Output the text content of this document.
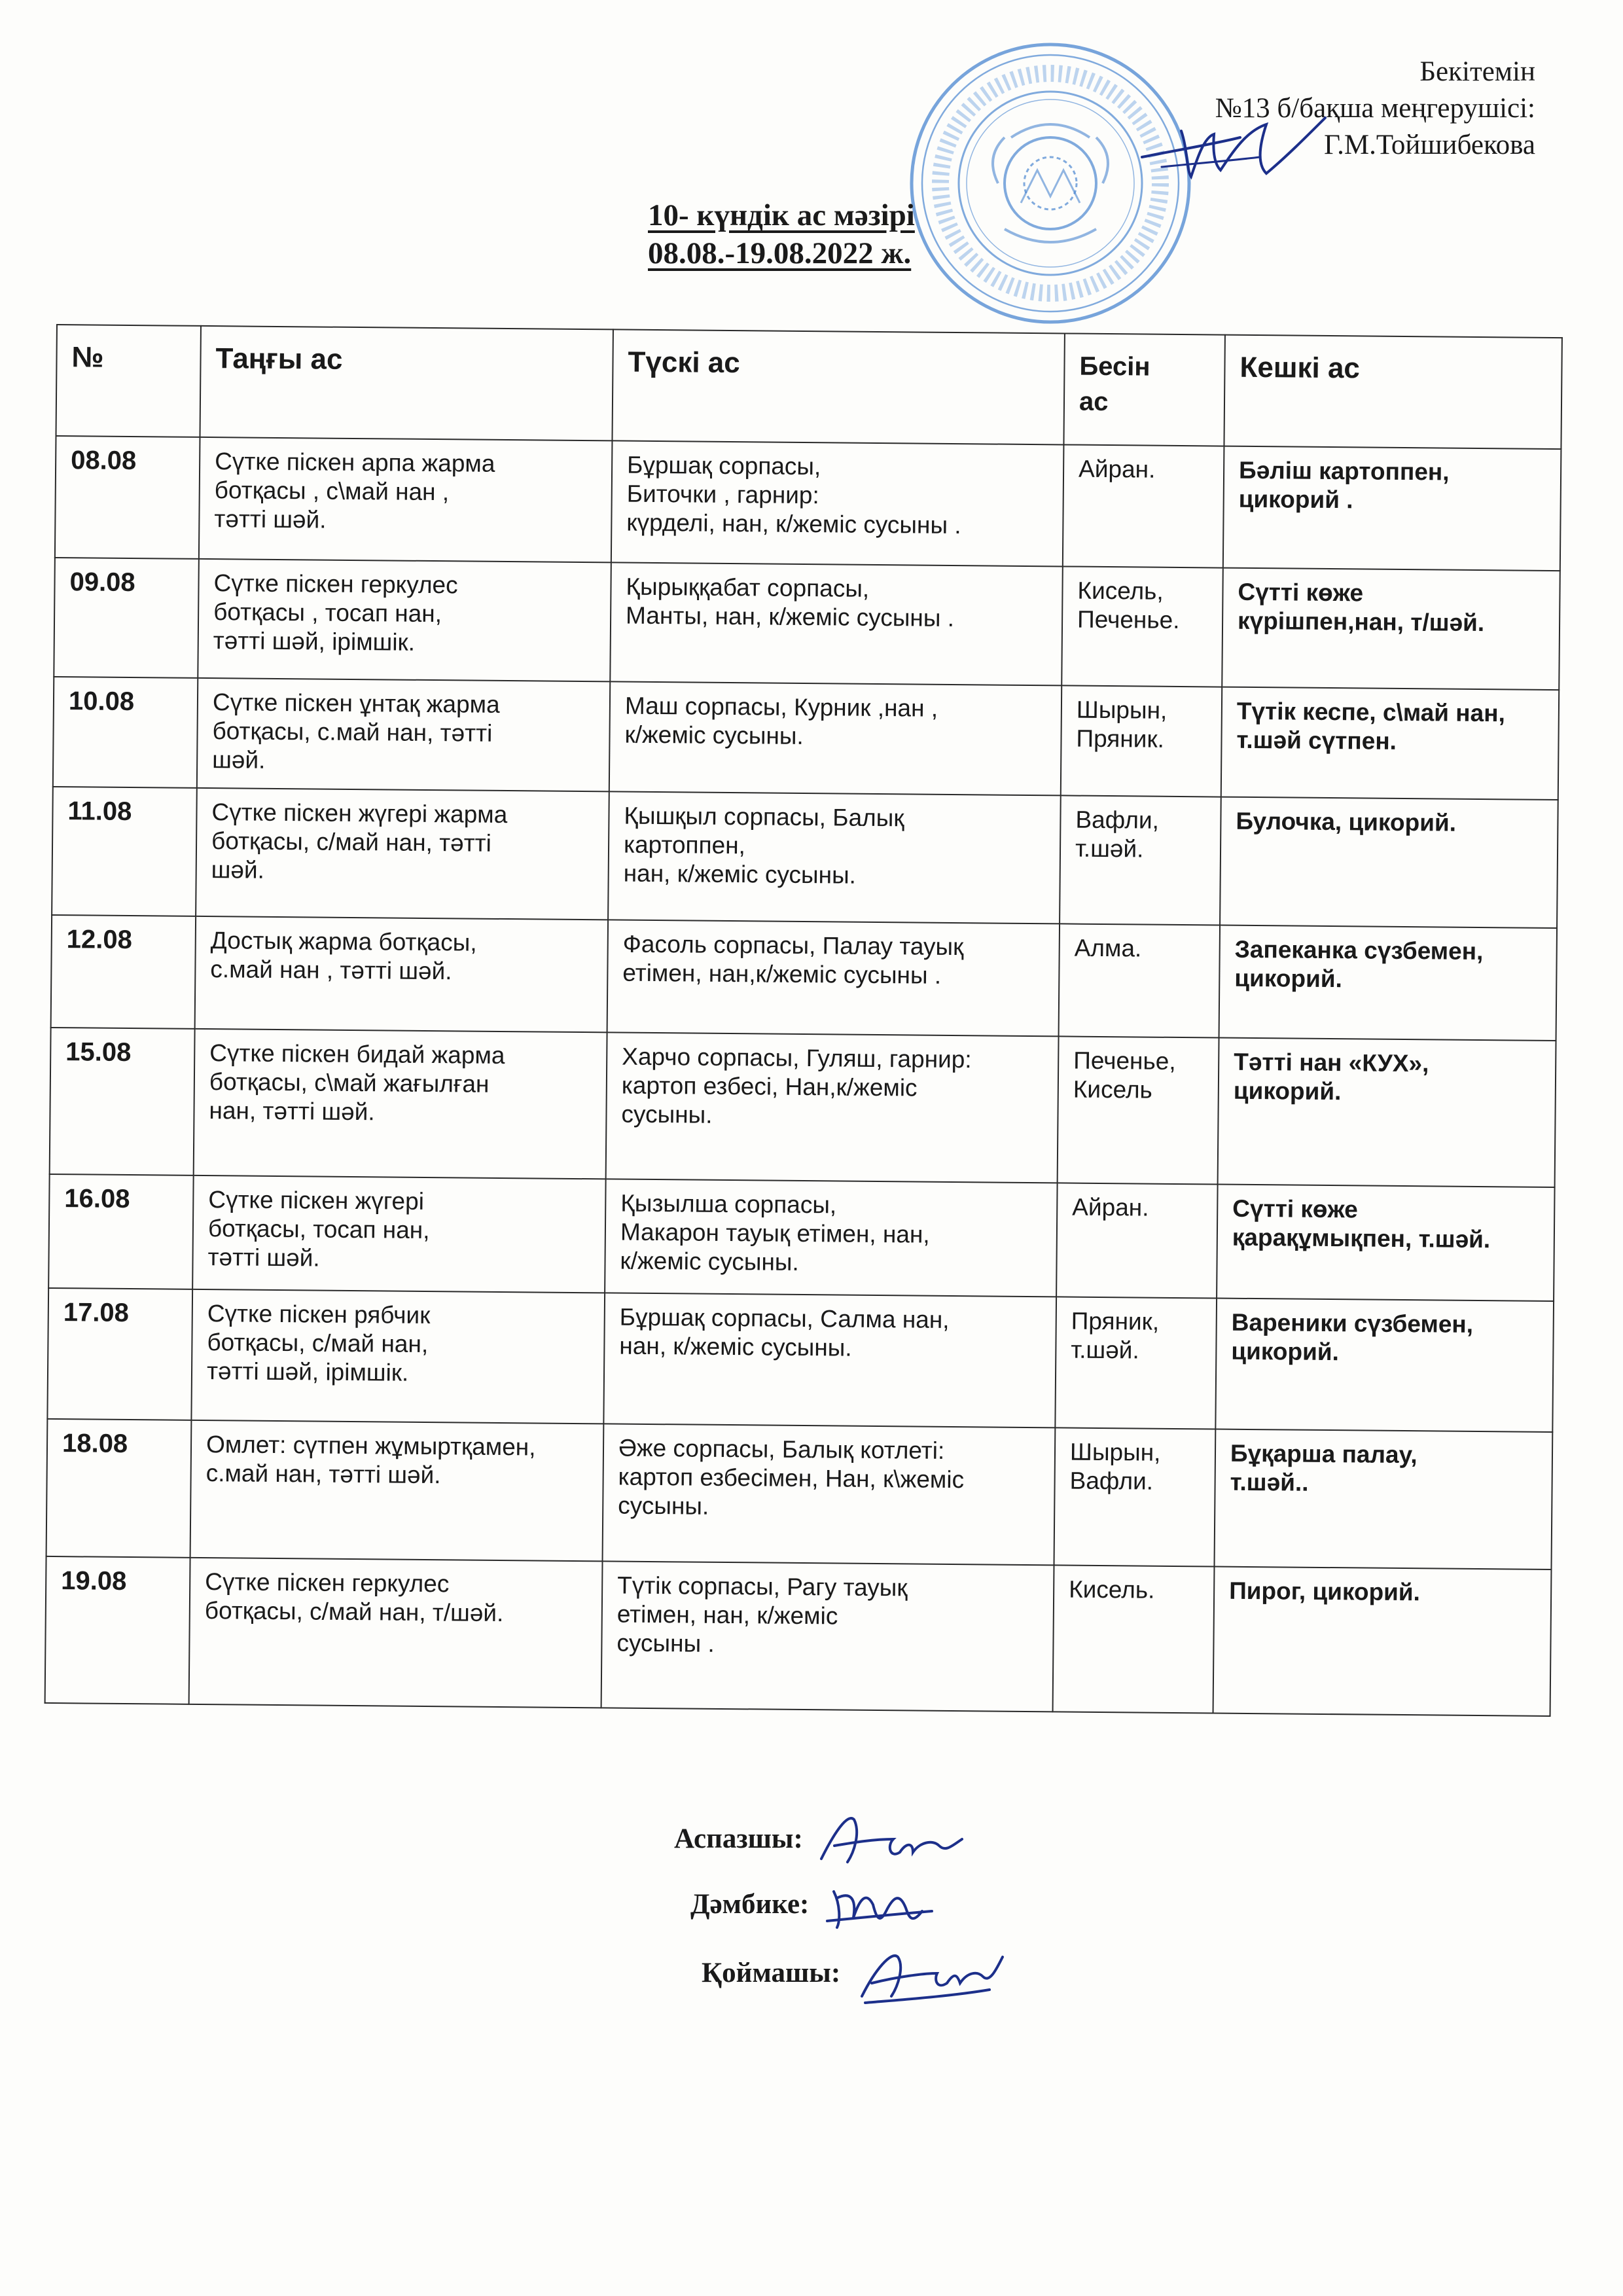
Бекітемін
№13 б/бақша меңгерушісі:
Г.М.Тойшибекова
10- күндік ас мәзірі
08.08.-19.08.2022 ж.
№	Таңғы ас	Түскі ас	Бесін
ас	Кешкі ас
08.08	Сүтке піскен арпа жарма
ботқасы , с\май нан ,
тәтті шәй.	Бұршақ сорпасы,
Биточки , гарнир:
күрделі, нан, к/жеміс сусыны .	Айран.	Бәліш картоппен,
цикорий .
09.08	Сүтке піскен геркулес
ботқасы , тосап нан,
тәтті шәй, ірімшік.	Қырыққабат сорпасы,
Манты, нан, к/жеміс сусыны .	Кисель,
Печенье.	Сүтті көже
күрішпен,нан, т/шәй.
10.08	Сүтке піскен ұнтақ жарма
ботқасы, с.май нан, тәтті
шәй.	Маш сорпасы, Курник ,нан ,
к/жеміс сусыны.	Шырын,
Пряник.	Түтік кеспе, с\май нан,
т.шәй сүтпен.
11.08	Сүтке піскен жүгері жарма
ботқасы, с/май нан, тәтті
шәй.	Қышқыл сорпасы, Балық
картоппен,
нан, к/жеміс сусыны.	Вафли,
т.шәй.	Булочка, цикорий.
12.08	Достық жарма ботқасы,
с.май нан , тәтті шәй.	Фасоль сорпасы, Палау тауық
етімен, нан,к/жеміс сусыны .	Алма.	Запеканка сүзбемен,
цикорий.
15.08	Сүтке піскен бидай жарма
ботқасы, с\май жағылған
нан, тәтті шәй.	Харчо сорпасы, Гуляш, гарнир:
картоп езбесі, Нан,к/жеміс
сусыны.	Печенье,
Кисель	Тәтті нан «КУХ»,
цикорий.
16.08	Сүтке піскен жүгері
ботқасы, тосап нан,
тәтті шәй.	Қызылша сорпасы,
Макарон тауық етімен, нан,
к/жеміс сусыны.	Айран.	Сүтті көже
қарақұмықпен, т.шәй.
17.08	Сүтке піскен рябчик
ботқасы, с/май нан,
тәтті шәй, ірімшік.	Бұршақ сорпасы, Салма нан,
нан, к/жеміс сусыны.	Пряник,
т.шәй.	Вареники сүзбемен,
цикорий.
18.08	Омлет: сүтпен жұмыртқамен,
с.май нан, тәтті шәй.	Әже сорпасы, Балық котлеті:
картоп езбесімен, Нан, к\жеміс
сусыны.	Шырын,
Вафли.	Бұқарша палау,
т.шәй..
19.08	Сүтке піскен геркулес
ботқасы, с/май нан, т/шәй.	Түтік сорпасы, Рагу тауық
етімен, нан, к/жеміс
сусыны .	Кисель.	Пирог, цикорий.
Аспазшы:
Дәмбике:
Қоймашы:
